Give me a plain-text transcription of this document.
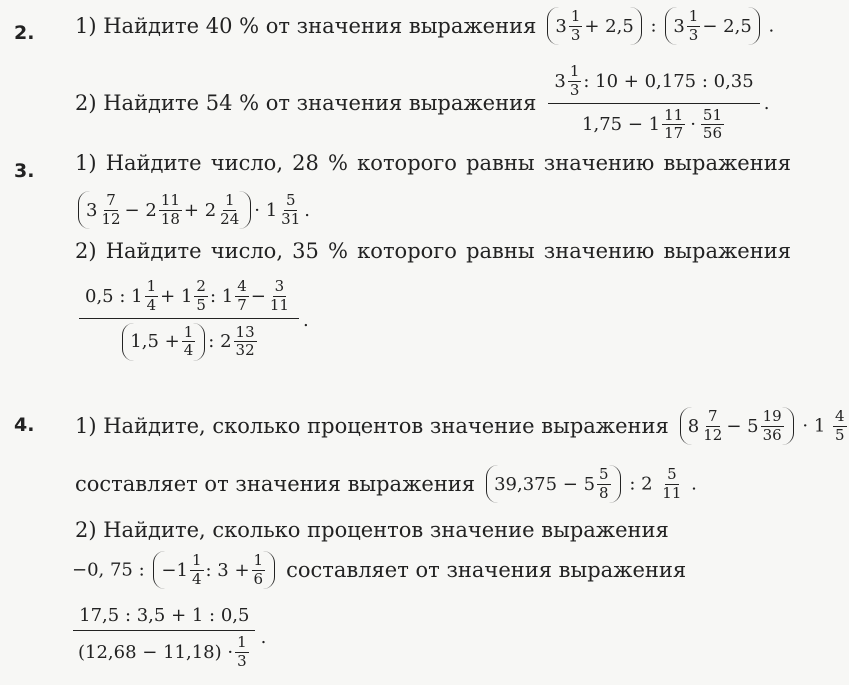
2. 1) Найдите 40 % от значения выражения $3 \frac{1}{3} + 2,5$ : $3 \frac{1}{3} - 2,5$ .
2) Найдите 54 % от значения выражения $\frac{3 \frac{1}{3} : 10 + 0,175 : 0,35}{1,75 - 1 \frac{11}{17} \cdot \frac{51}{56}}$ .
3. 1) Найдите число, 28 % которого равны значению выражения
$3 \frac{7}{12} - 2 \frac{11}{18} + 2 \frac{1}{24} \cdot 1 \frac{5}{31}$ .
2) Найдите число, 35 % которого равны значению выражения
0,5 : $1 \frac{1}{4} + 1 \frac{2}{5}$ : $1 \frac{4}{7} - \frac{3}{11}$
$1,5 + \frac{1}{4}$ : $2 \frac{13}{32}$
.
4. 1) Найдите, сколько процентов значение выражения $8 \frac{7}{12} - 5 \frac{19}{36} \cdot 1 \frac{4}{5}$
составляет от значения выражения $39,375 - 5 \frac{5}{8}$ : $2 \frac{5}{11}$ .
2) Найдите, сколько процентов значение выражения
−0, 75 : $-1 \frac{1}{4}$ : $3 + \frac{1}{6}$ составляет от значения выражения
$\frac{17,5 : 3,5 + 1 : 0,5}{(12,68 - 11,18) \cdot \frac{1}{3}}$ .
